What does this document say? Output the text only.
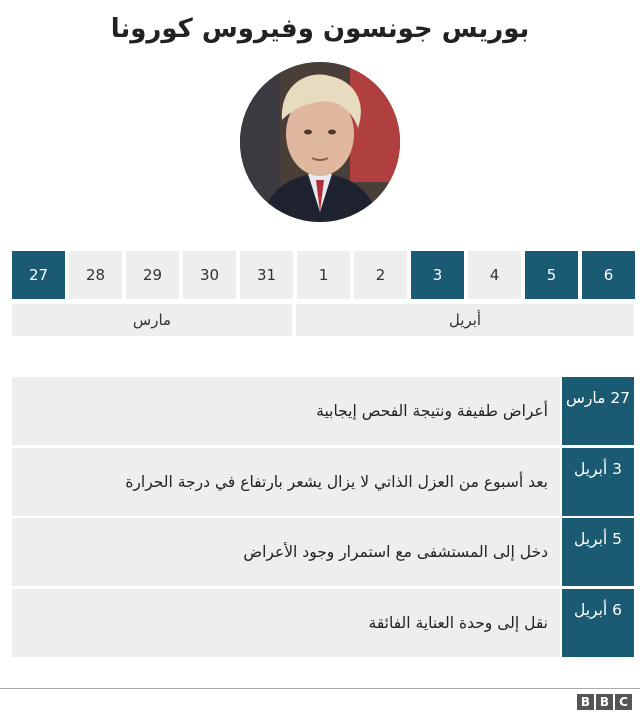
بوريس جونسون وفيروس كورونا
27	28	29	30	31	1	2	3	4	5	6
مارس	أبريل
أعراض طفيفة ونتيجة الفحص إيجابية
27 مارس
بعد أسبوع من العزل الذاتي لا يزال يشعر بارتفاع في درجة الحرارة
3 أبريل
دخل إلى المستشفى مع استمرار وجود الأعراض
5 أبريل
نقل إلى وحدة العناية الفائقة
6 أبريل
B B C
